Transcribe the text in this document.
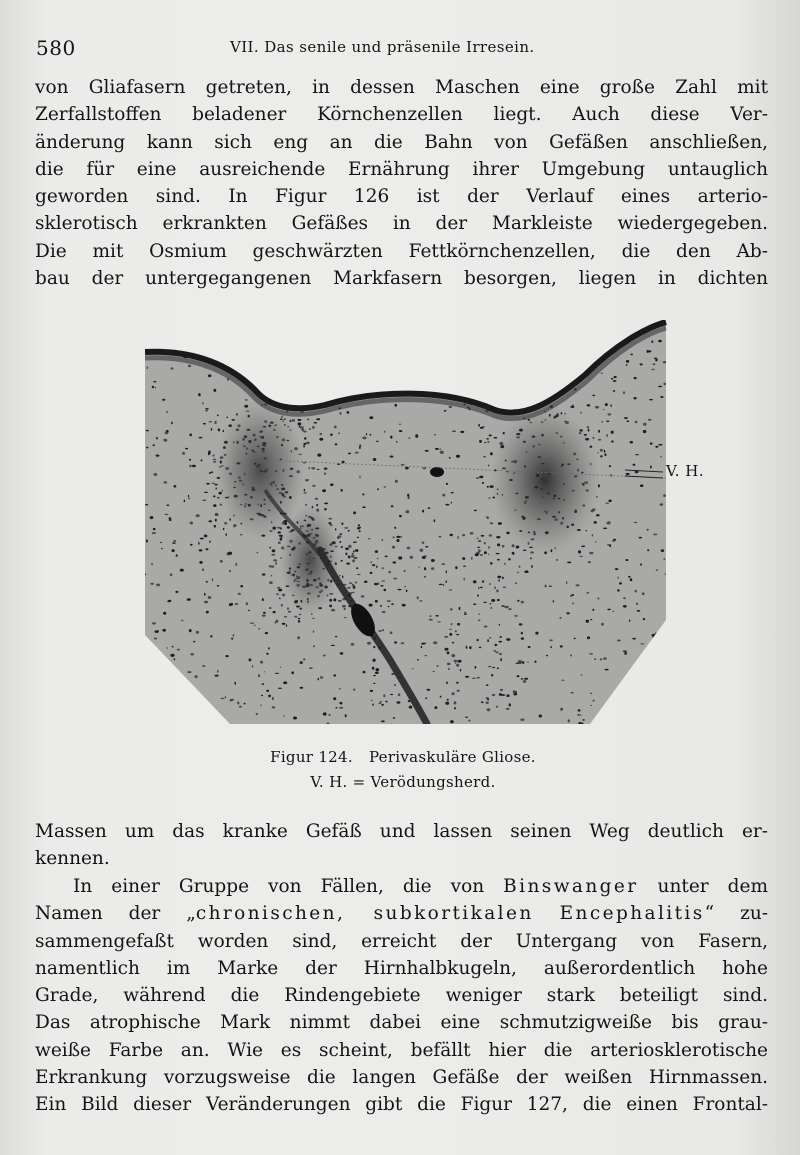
580	VII. Das senile und präsenile Irresein.
von Gliafasern getreten, in dessen Maschen eine große Zahl mit
Zerfallstoffen beladener Körnchenzellen liegt. Auch diese Ver-
änderung kann sich eng an die Bahn von Gefäßen anschließen,
die für eine ausreichende Ernährung ihrer Umgebung untauglich
geworden sind. In Figur 126 ist der Verlauf eines arterio-
sklerotisch erkrankten Gefäßes in der Markleiste wiedergegeben.
Die mit Osmium geschwärzten Fettkörnchenzellen, die den Ab-
bau der untergegangenen Markfasern besorgen, liegen in dichten
V. H.
Figur 124. Perivaskuläre Gliose.
V. H. = Verödungsherd.
Massen um das kranke Gefäß und lassen seinen Weg deutlich er-
kennen.
In einer Gruppe von Fällen, die von Binswanger unter dem
Namen der „chronischen, subkortikalen Encephalitis“ zu-
sammengefaßt worden sind, erreicht der Untergang von Fasern,
namentlich im Marke der Hirnhalbkugeln, außerordentlich hohe
Grade, während die Rindengebiete weniger stark beteiligt sind.
Das atrophische Mark nimmt dabei eine schmutzigweiße bis grau-
weiße Farbe an. Wie es scheint, befällt hier die arteriosklerotische
Erkrankung vorzugsweise die langen Gefäße der weißen Hirnmassen.
Ein Bild dieser Veränderungen gibt die Figur 127, die einen Frontal-
